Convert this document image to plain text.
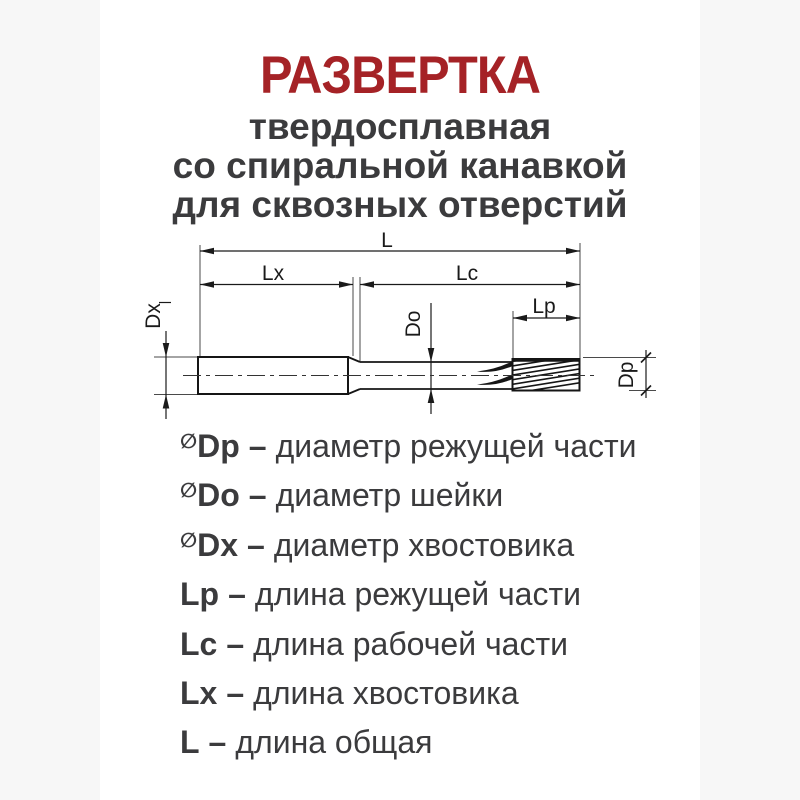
РАЗВЕРТКА
твердосплавная
со спиральной канавкой
для сквозных отверстий
L
Lx	Lc
Lp
Dx	Do
Dp
∅Dp – диаметр режущей части
∅Do – диаметр шейки
∅Dx – диаметр хвостовика
Lp – длина режущей части
Lc – длина рабочей части
Lx – длина хвостовика
L – длина общая
